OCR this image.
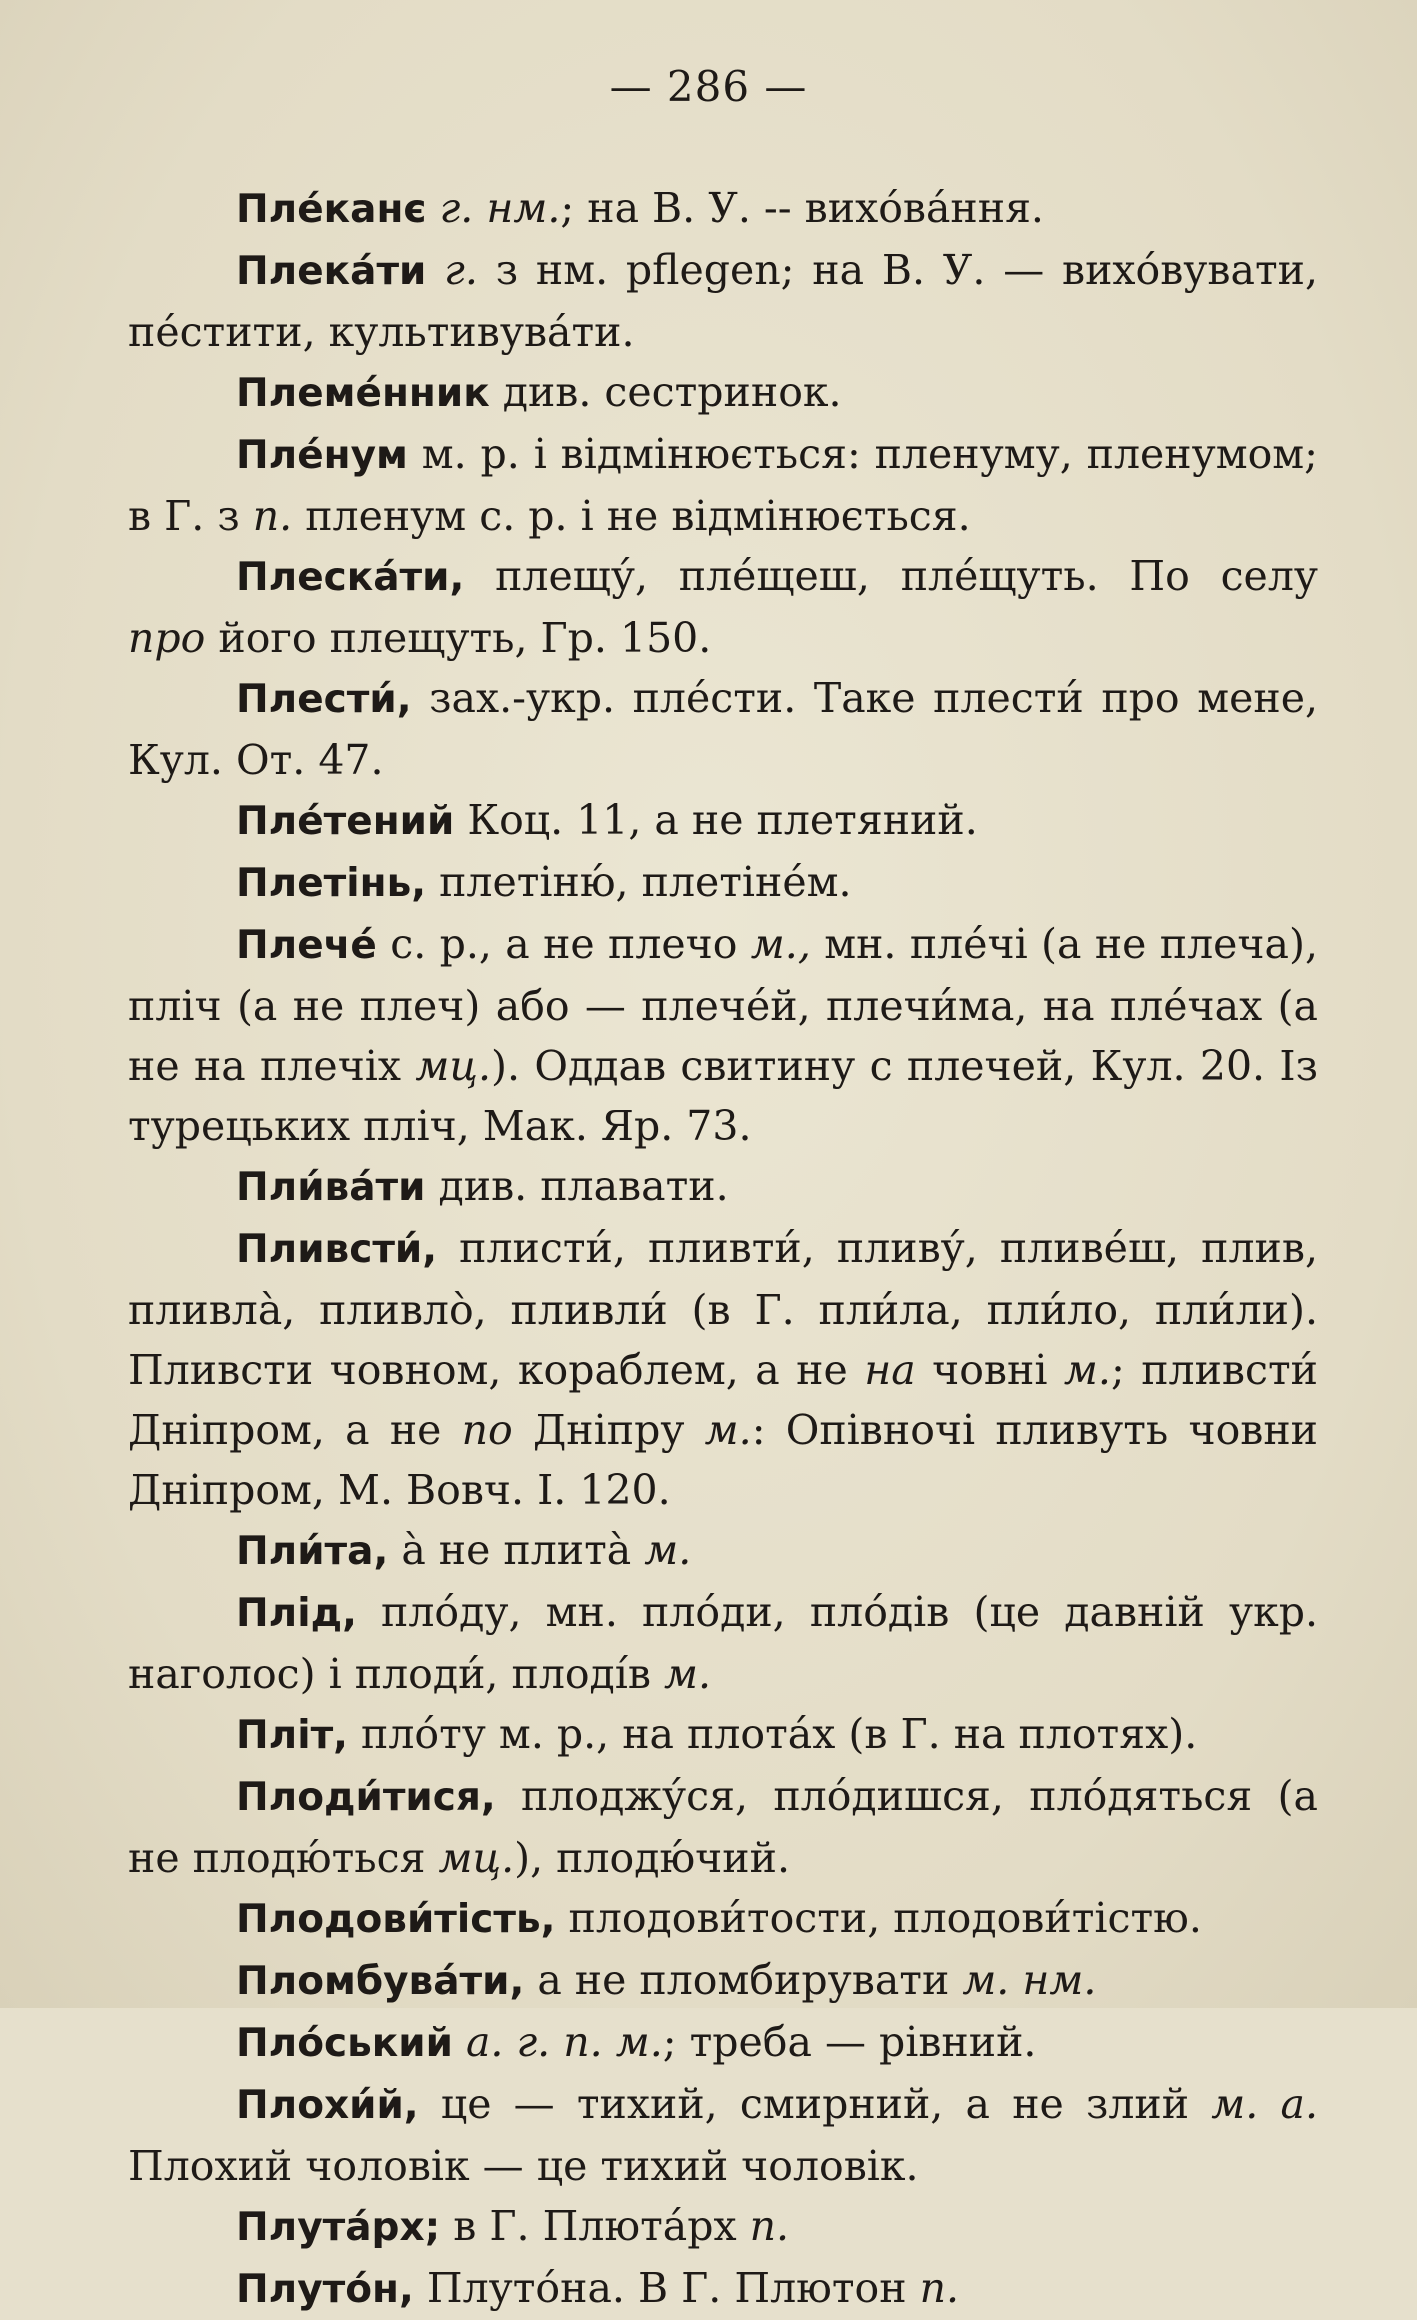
— 286 —

Пле́канє г. нм.; на В. У. -- вихо́ва́ння.

Плека́ти г. з нм. pflegen; на В. У. — вихо́вувати, пе́стити, культивува́ти.

Племе́нник див. сестринок.

Пле́нум м. р. і відмінюється: пленуму, пленумом; в Г. з п. пленум с. р. і не відмінюється.

Плеска́ти, плещу́, пле́щеш, пле́щуть. По селу про його плещуть, Гр. 150.

Плести́, зах.-укр. пле́сти. Таке плести́ про мене, Кул. От. 47.

Пле́тений Коц. 11, а не плетяний.

Плетінь, плетіню́, плетіне́м.

Плече́ с. р., а не плечо м., мн. пле́чі (а не плеча), пліч (а не плеч) або — плече́й, плечи́ма, на пле́чах (а не на плечіх мц.). Оддав свитину с плечей, Кул. 20. Із турецьких пліч, Мак. Яр. 73.

Пли́ва́ти див. плавати.

Пливсти́, плисти́, пливти́, пливу́, пливе́ш, плив, пливла̀, пливло̀, пливли́ (в Г. пли́ла, пли́ло, пли́ли). Пливсти човном, кораблем, а не на човні м.; пливсти́ Дніпром, а не по Дніпру м.: Опівночі пливуть човни Дніпром, М. Вовч. І. 120.

Пли́та, а̀ не плита̀ м.

Плід, пло́ду, мн. пло́ди, пло́дів (це давній укр. наголос) і плоди́, плоді́в м.

Пліт, пло́ту м. р., на плота́х (в Г. на плотях).

Плоди́тися, плоджу́ся, пло́дишся, пло́дяться (а не плодю́ться мц.), плодю́чий.

Плодови́тість, плодови́тости, плодови́тістю.

Пломбува́ти, а не пломбирувати м. нм.

Пло́ський а. г. п. м.; треба — рівний.

Плохи́й, це — тихий, смирний, а не злий м. а. Плохий чоловік — це тихий чоловік.

Плута́рх; в Г. Плюта́рх п.

Плуто́н, Плуто́на. В Г. Плютон п.
